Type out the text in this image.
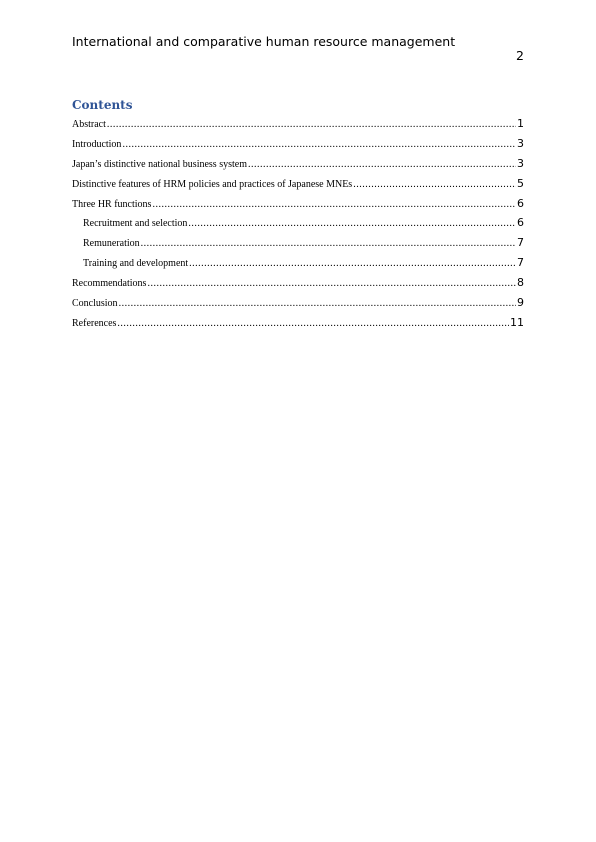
International and comparative human resource management
2
Contents
Abstract .....	1
Introduction .....	3
Japan’s distinctive national business system .....	3
Distinctive features of HRM policies and practices of Japanese MNEs .....	5
Three HR functions .....	6
Recruitment and selection .....	6
Remuneration .....	7
Training and development .....	7
Recommendations .....	8
Conclusion .....	9
References .....	11
